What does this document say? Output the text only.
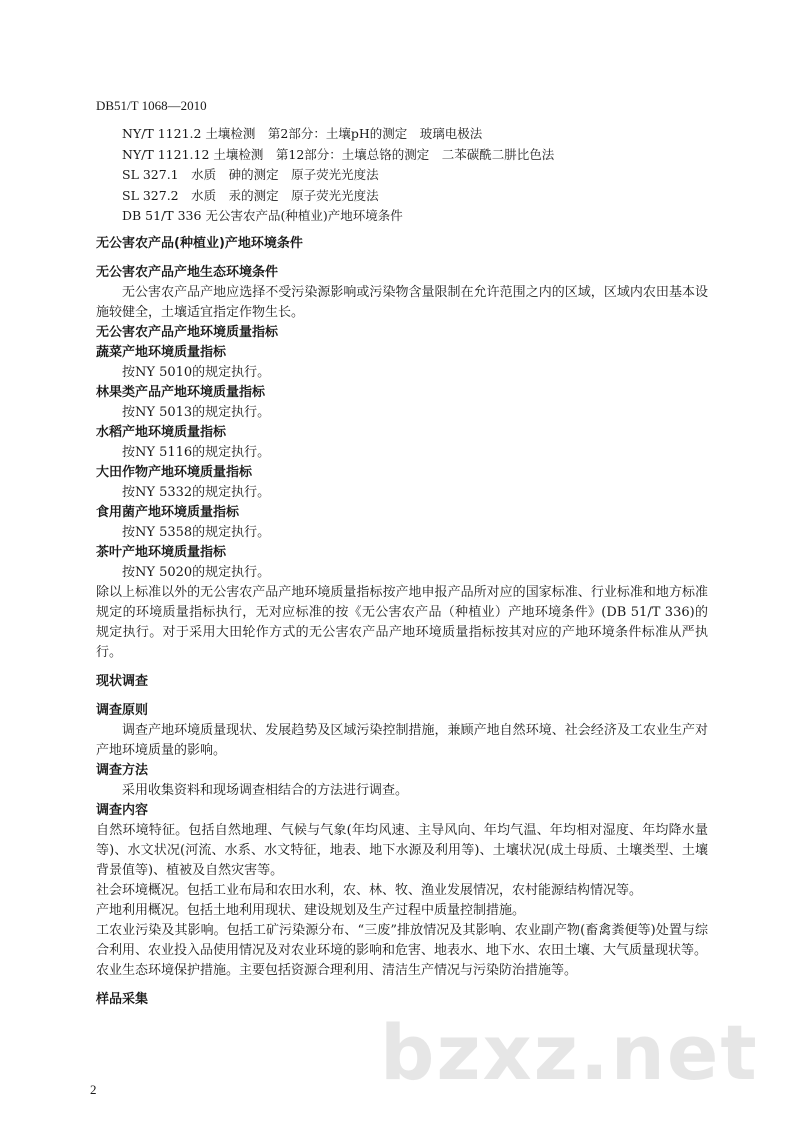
DB51/T 1068—2010
NY/T 1121.2 土壤检测　第2部分：土壤pH的测定　玻璃电极法
NY/T 1121.12 土壤检测　第12部分：土壤总铬的测定　二苯碳酰二肼比色法
SL 327.1　水质　砷的测定　原子荧光光度法
SL 327.2　水质　汞的测定　原子荧光光度法
DB 51/T 336 无公害农产品(种植业)产地环境条件
无公害农产品(种植业)产地环境条件
无公害农产品产地生态环境条件
无公害农产品产地应选择不受污染源影响或污染物含量限制在允许范围之内的区域，区域内农田基本设施较健全，土壤适宜指定作物生长。
无公害农产品产地环境质量指标
蔬菜产地环境质量指标
按NY 5010的规定执行。
林果类产品产地环境质量指标
按NY 5013的规定执行。
水稻产地环境质量指标
按NY 5116的规定执行。
大田作物产地环境质量指标
按NY 5332的规定执行。
食用菌产地环境质量指标
按NY 5358的规定执行。
茶叶产地环境质量指标
按NY 5020的规定执行。
除以上标准以外的无公害农产品产地环境质量指标按产地申报产品所对应的国家标准、行业标准和地方标准规定的环境质量指标执行，无对应标准的按《无公害农产品（种植业）产地环境条件》(DB 51/T 336)的规定执行。对于采用大田轮作方式的无公害农产品产地环境质量指标按其对应的产地环境条件标准从严执行。
现状调查
调查原则
调查产地环境质量现状、发展趋势及区域污染控制措施，兼顾产地自然环境、社会经济及工农业生产对产地环境质量的影响。
调查方法
采用收集资料和现场调查相结合的方法进行调查。
调查内容
自然环境特征。包括自然地理、气候与气象(年均风速、主导风向、年均气温、年均相对湿度、年均降水量等)、水文状况(河流、水系、水文特征，地表、地下水源及利用等)、土壤状况(成土母质、土壤类型、土壤背景值等)、植被及自然灾害等。
社会环境概况。包括工业布局和农田水利，农、林、牧、渔业发展情况，农村能源结构情况等。
产地利用概况。包括土地利用现状、建设规划及生产过程中质量控制措施。
工农业污染及其影响。包括工矿污染源分布、“三废”排放情况及其影响、农业副产物(畜禽粪便等)处置与综合利用、农业投入品使用情况及对农业环境的影响和危害、地表水、地下水、农田土壤、大气质量现状等。
农业生态环境保护措施。主要包括资源合理利用、清洁生产情况与污染防治措施等。
样品采集
bzxz.net
2
